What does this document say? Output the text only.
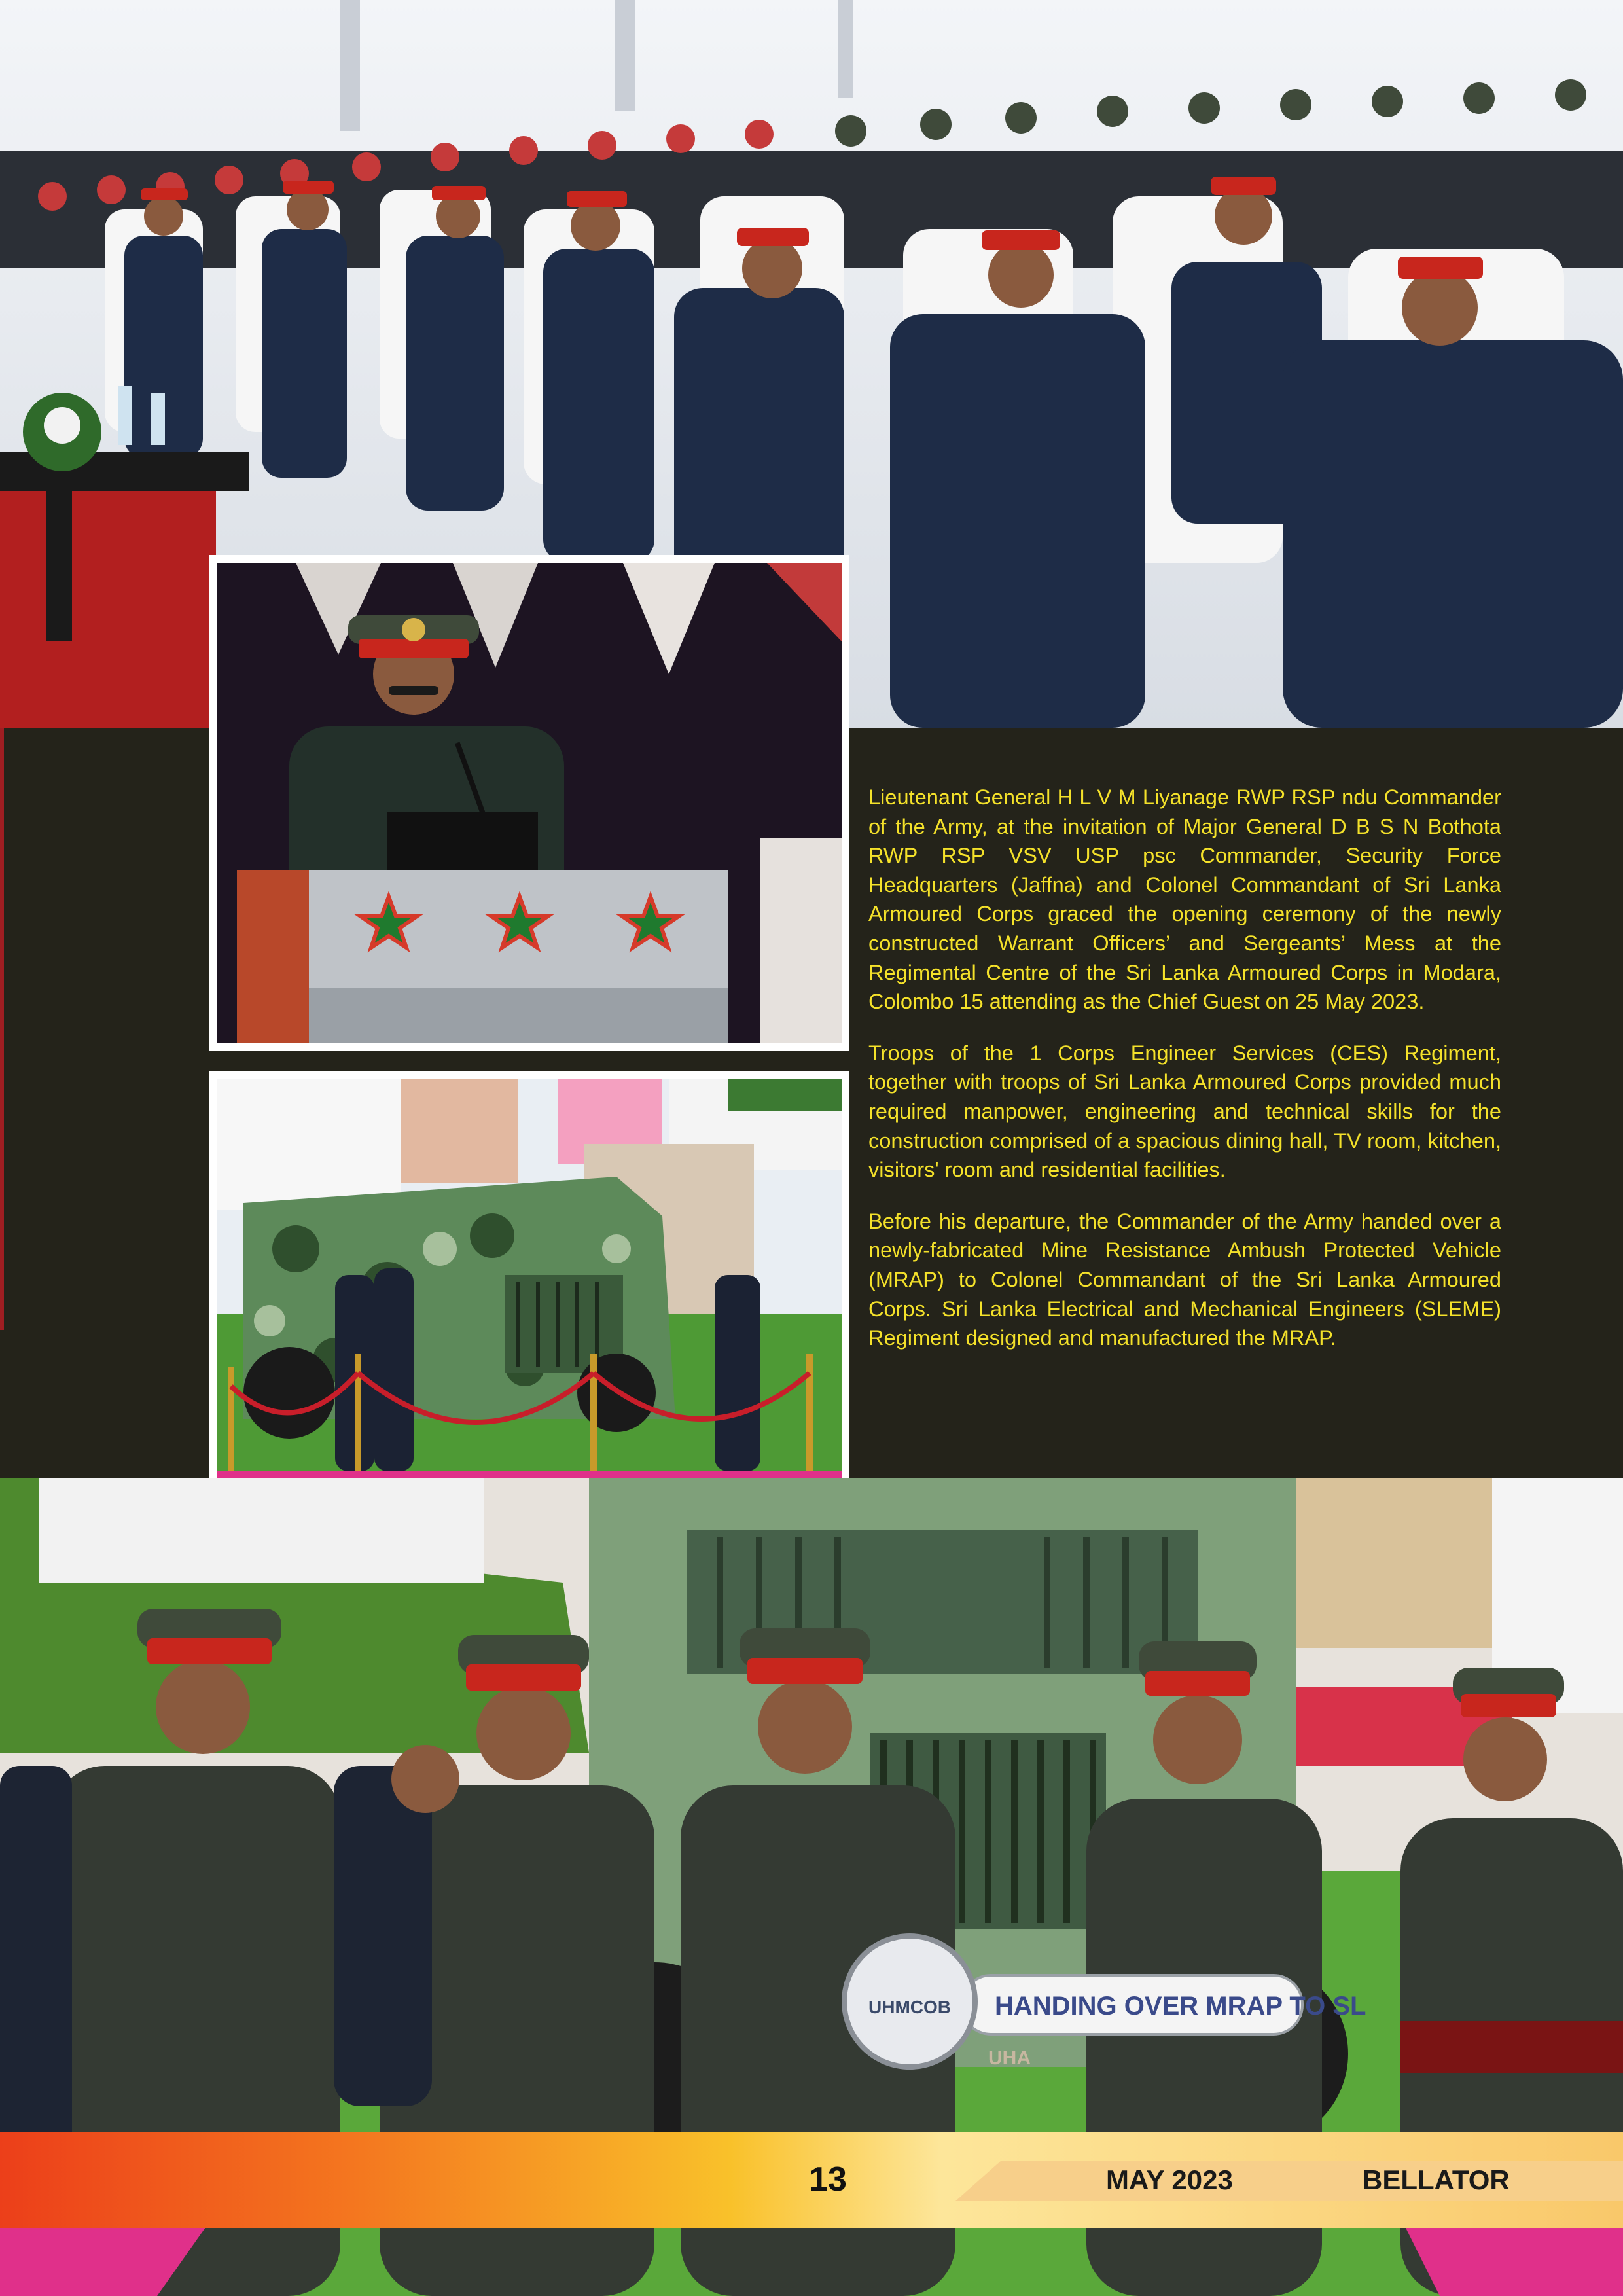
Lieutenant General H L V M Liyanage RWP RSP ndu Commander of the Army, at the invitation of Major General D B S N Bothota RWP RSP VSV USP psc Commander, Security Force Headquarters (Jaffna) and Colonel Commandant of Sri Lanka Armoured Corps graced the opening ceremony of the newly constructed Warrant Officers’ and Sergeants’ Mess at the Regimental Centre of the Sri Lanka Armoured Corps in Modara, Colombo 15 attending as the Chief Guest on 25 May 2023.

Troops of the 1 Corps Engineer Services (CES) Regiment, together with troops of Sri Lanka Armoured Corps provided much required manpower, engineering and technical skills for the construction comprised of a spacious dining hall, TV room, kitchen, visitors' room and residential facilities.

Before his departure, the Commander of the Army handed over a newly-fabricated Mine Resistance Ambush Protected Vehicle (MRAP) to Colonel Commandant of the Sri Lanka Armoured Corps. Sri Lanka Electrical and Mechanical Engineers (SLEME) Regiment designed and manufactured the MRAP.

HANDING OVER MRAP TO SL
UHMCOB
UHA
13	MAY 2023	BELLATOR
